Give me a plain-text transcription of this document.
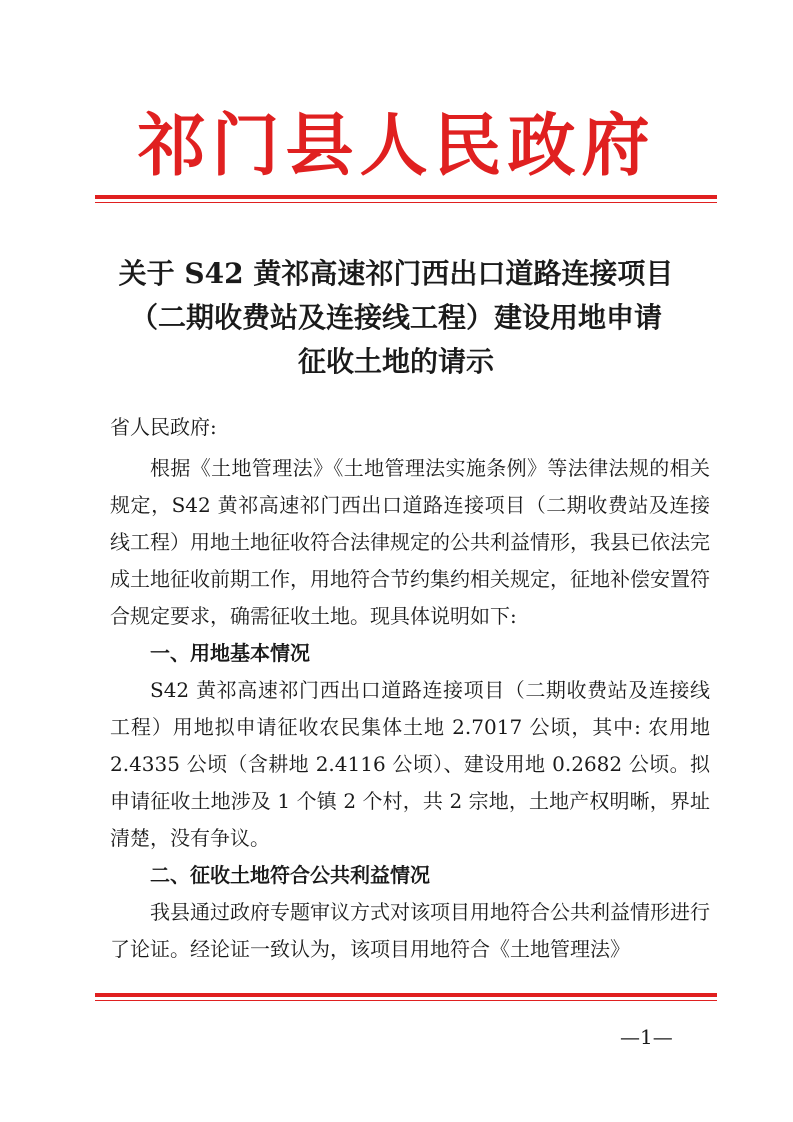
祁门县人民政府
关于 S42 黄祁高速祁门西出口道路连接项目
（二期收费站及连接线工程）建设用地申请
征收土地的请示
省人民政府:

根据《土地管理法》《土地管理法实施条例》等法律法规的相关规定，S42 黄祁高速祁门西出口道路连接项目（二期收费站及连接线工程）用地土地征收符合法律规定的公共利益情形，我县已依法完成土地征收前期工作，用地符合节约集约相关规定，征地补偿安置符合规定要求，确需征收土地。现具体说明如下:

一、用地基本情况

S42 黄祁高速祁门西出口道路连接项目（二期收费站及连接线工程）用地拟申请征收农民集体土地 2.7017 公顷，其中: 农用地 2.4335 公顷（含耕地 2.4116 公顷）、建设用地 0.2682 公顷。拟申请征收土地涉及 1 个镇 2 个村，共 2 宗地，土地产权明晰，界址清楚，没有争议。

二、征收土地符合公共利益情况

我县通过政府专题审议方式对该项目用地符合公共利益情形进行了论证。经论证一致认为，该项目用地符合《土地管理法》

—1—
